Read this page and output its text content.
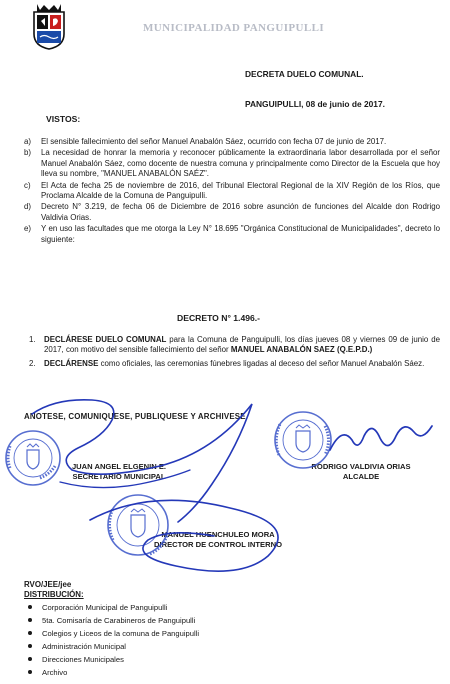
MUNICIPALIDAD PANGUIPULLI
DECRETA DUELO COMUNAL.
PANGUIPULLI, 08 de junio de 2017.
VISTOS:
a) El sensible fallecimiento del señor Manuel Anabalón Sáez, ocurrido con fecha 07 de junio de 2017.
b) La necesidad de honrar la memoria y reconocer públicamente la extraordinaria labor desarrollada por el señor Manuel Anabalón Sáez, como docente de nuestra comuna y principalmente como Director de la Escuela que hoy lleva su nombre, "MANUEL ANABALÓN SAÉZ".
c) El Acta de fecha 25 de noviembre de 2016, del Tribunal Electoral Regional de la XIV Región de los Ríos, que Proclama Alcalde de la Comuna de Panguipulli.
d) Decreto N° 3.219, de fecha 06 de Diciembre de 2016 sobre asunción de funciones del Alcalde don Rodrigo Valdivia Orias.
e) Y en uso las facultades que me otorga la Ley N° 18.695 "Orgánica Constitucional de Municipalidades", decreto lo siguiente:
DECRETO N° 1.496.-
1. DECLÁRESE DUELO COMUNAL para la Comuna de Panguipulli, los días jueves 08 y viernes 09 de junio de 2017, con motivo del sensible fallecimiento del señor MANUEL ANABALÓN SAEZ (Q.E.P.D.)
2. DECLÁRENSE como oficiales, las ceremonias fúnebres ligadas al deceso del señor Manuel Anabalón Sáez.
ANOTESE, COMUNIQUESE, PUBLIQUESE Y ARCHIVESE
JUAN ANGEL ELGENIN E.
SECRETARIO MUNICIPAL
RODRIGO VALDIVIA ORIAS
ALCALDE
MANUEL HUENCHULEO MORA
DIRECTOR DE CONTROL INTERNO
RVO/JEE/jee
DISTRIBUCIÓN:
Corporación Municipal de Panguipulli
5ta. Comisaría de Carabineros de Panguipulli
Colegios y Liceos de la comuna de Panguipulli
Administración Municipal
Direcciones Municipales
Archivo
